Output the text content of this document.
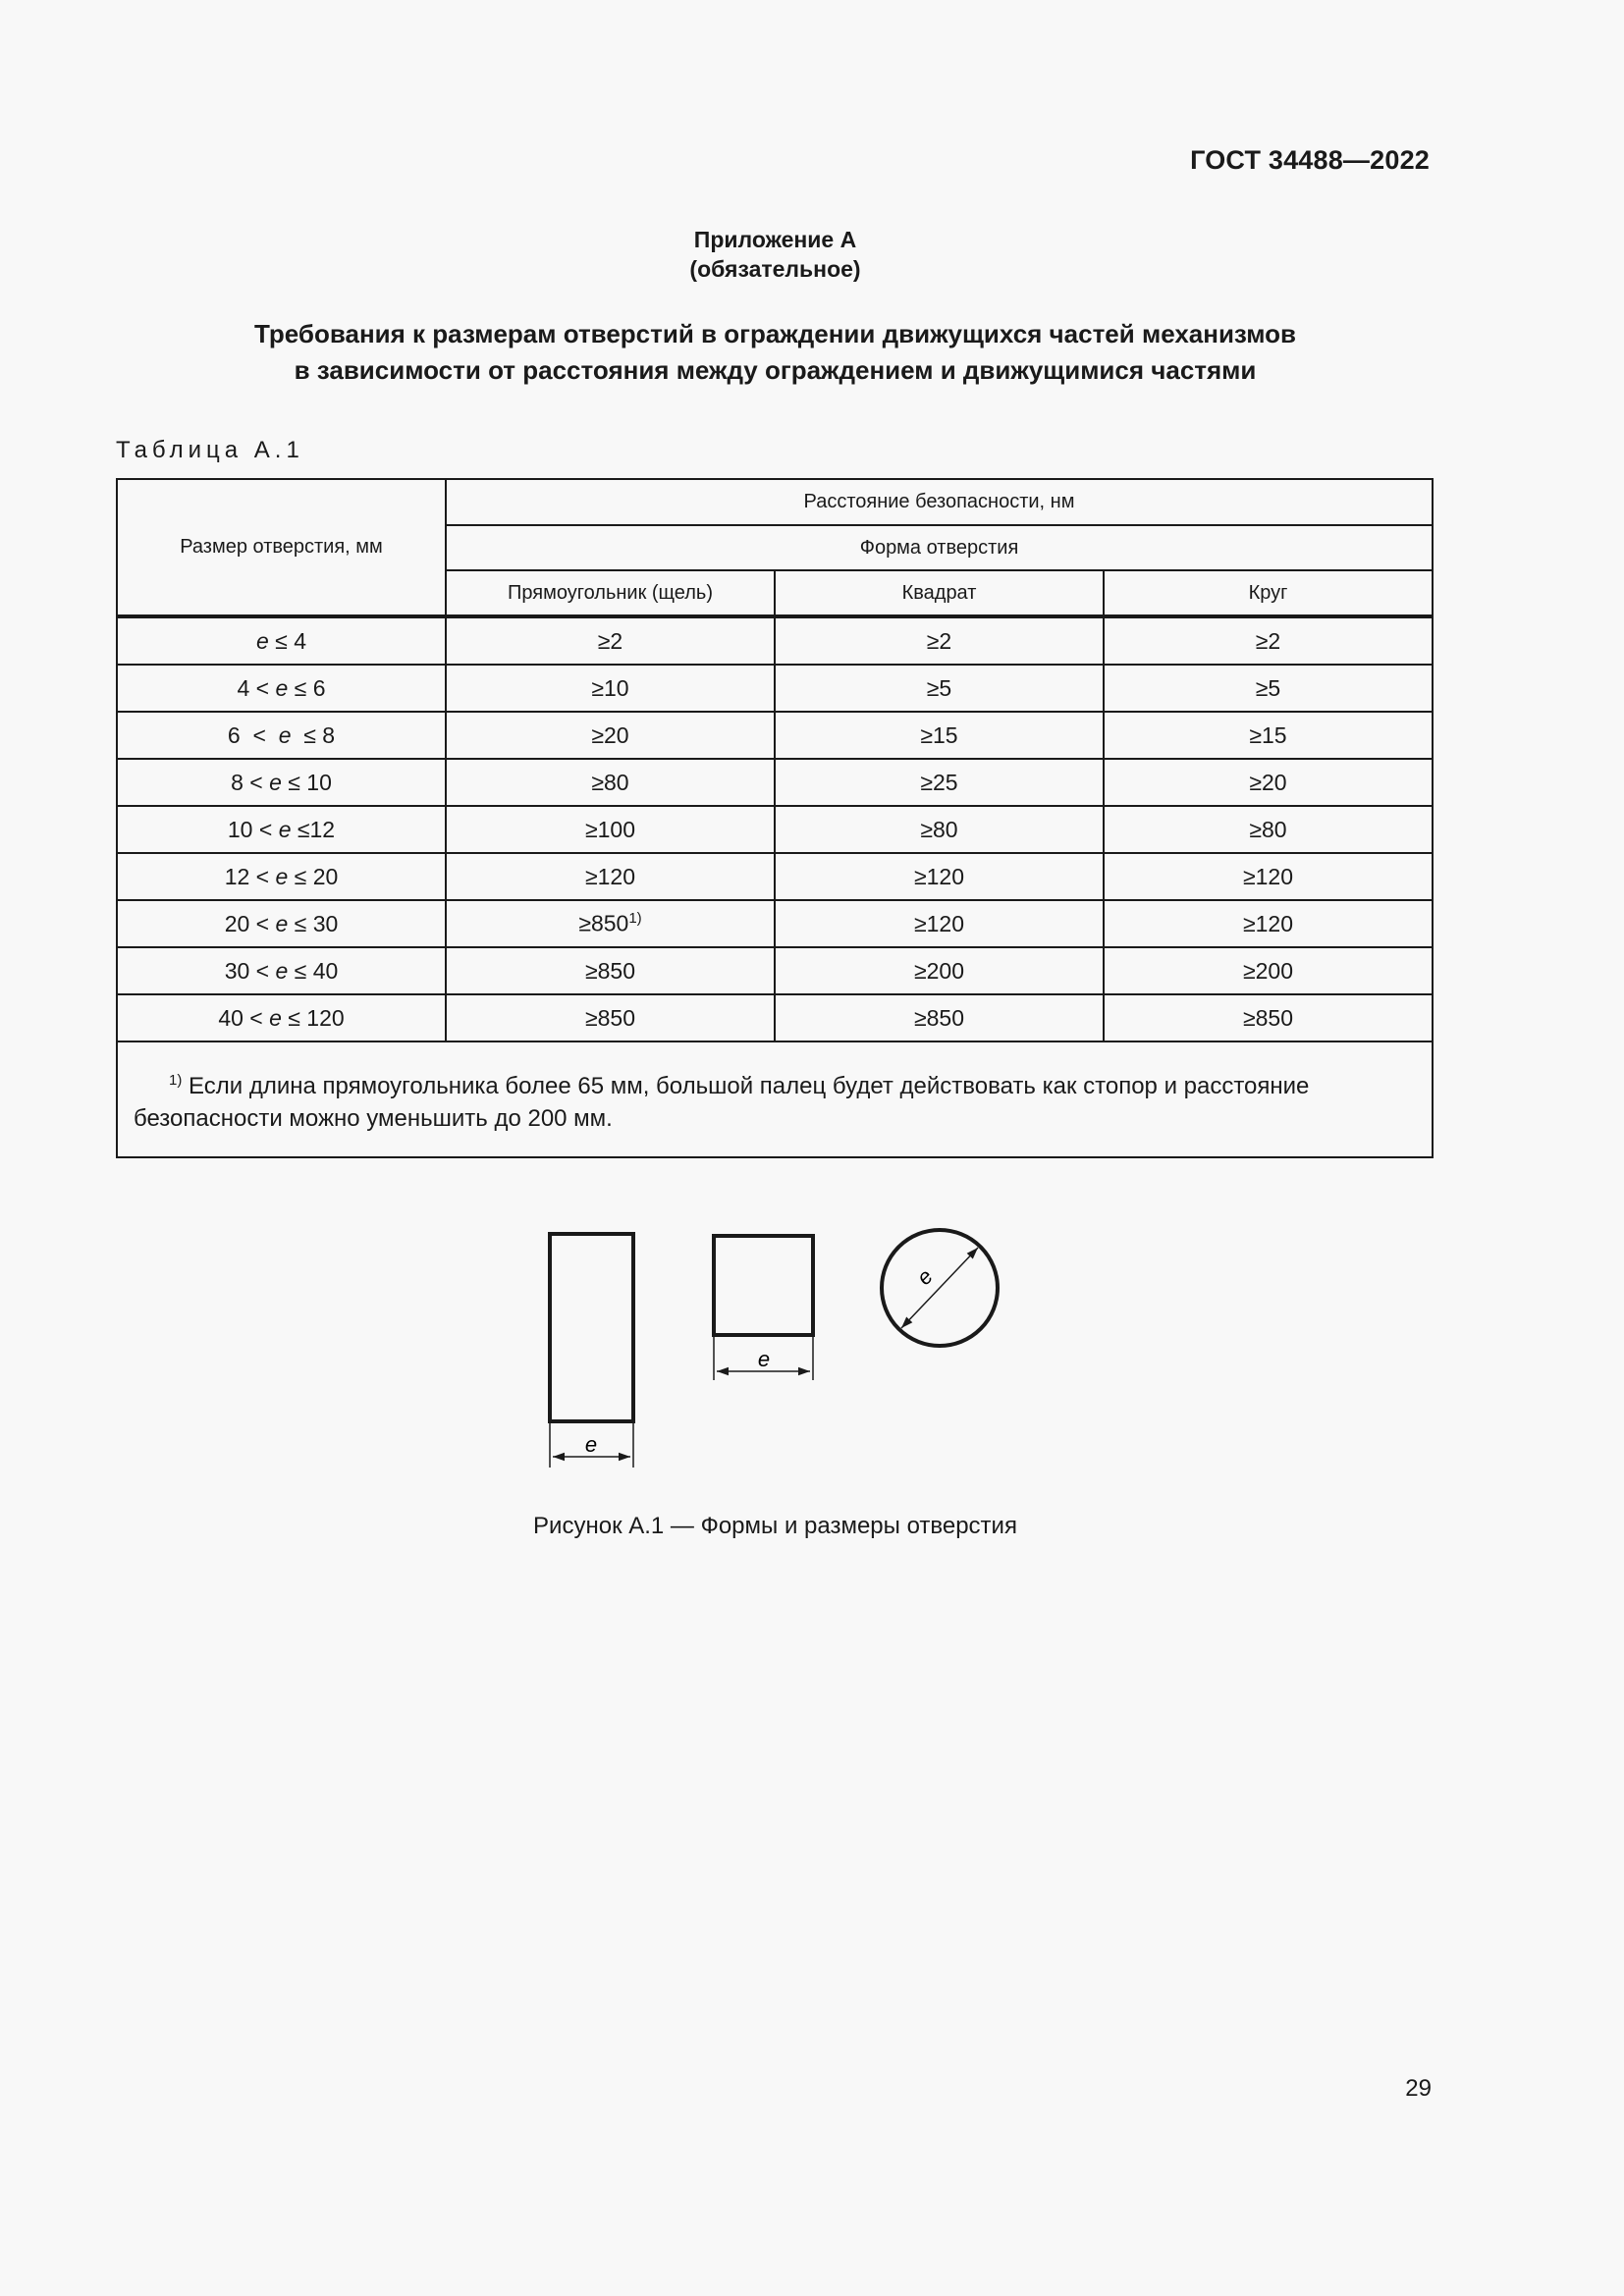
ГОСТ 34488—2022
Приложение А
(обязательное)
Требования к размерам отверстий в ограждении движущихся частей механизмов
в зависимости от расстояния между ограждением и движущимися частями
Таблица А.1
Размер отверстия, мм	Расстояние безопасности, нм		
	Форма отверстия		
	Прямоугольник (щель)	Квадрат	Круг
e ≤ 4	≥2	≥2	≥2
4 < e ≤ 6	≥10	≥5	≥5
6  <  e  ≤ 8	≥20	≥15	≥15
8 < e ≤ 10	≥80	≥25	≥20
10 < e ≤12	≥100	≥80	≥80
12 < e ≤ 20	≥120	≥120	≥120
20 < e ≤ 30	$\ge 850^{1)}$	≥120	≥120
30 < e ≤ 40	≥850	≥200	≥200
40 < e ≤ 120	≥850	≥850	≥850
  $^{1)}$ Если длина прямоугольника более 65 мм, большой палец будет действовать как стопор и расстояние безопасности можно уменьшить до 200 мм.			
e
e
e
Рисунок А.1 — Формы и размеры отверстия
29
